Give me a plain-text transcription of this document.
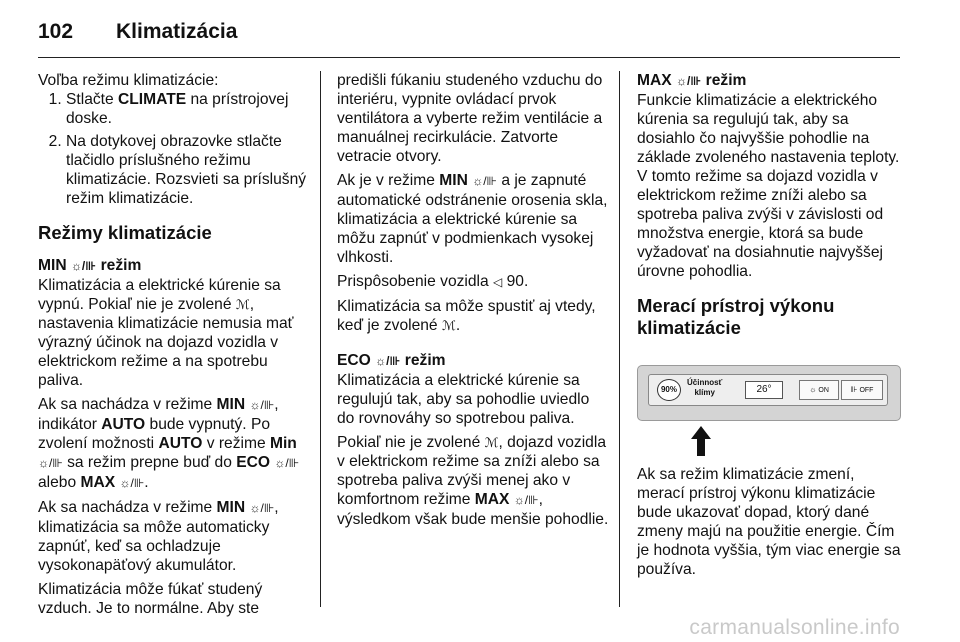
102 Klimatizácia

Voľba režimu klimatizácie:

1. Stlačte CLIMATE na prístrojovej doske.
2. Na dotykovej obrazovke stlačte tlačidlo príslušného režimu klimatizácie. Rozsvieti sa príslušný režim klimatizácie.
Režimy klimatizácie
MIN ☼/⊪ režim

Klimatizácia a elektrické kúrenie sa vypnú. Pokiaľ nie je zvolené ℳ, nastavenia klimatizácie nemusia mať výrazný účinok na dojazd vozidla v elektrickom režime a na spotrebu paliva.

Ak sa nachádza v režime MIN ☼/⊪, indikátor AUTO bude vypnutý. Po zvolení možnosti AUTO v režime Min ☼/⊪ sa režim prepne buď do ECO ☼/⊪ alebo MAX ☼/⊪.

Ak sa nachádza v režime MIN ☼/⊪, klimatizácia sa môže automaticky zapnúť, keď sa ochladzuje vysokonapäťový akumulátor.

Klimatizácia môže fúkať studený vzduch. Je to normálne. Aby ste

predišli fúkaniu studeného vzduchu do interiéru, vypnite ovládací prvok ventilátora a vyberte režim ventilácie a manuálnej recirkulácie. Zatvorte vetracie otvory.

Ak je v režime MIN ☼/⊪ a je zapnuté automatické odstránenie orosenia skla, klimatizácia a elektrické kúrenie sa môžu zapnúť v podmienkach vysokej vlhkosti.

Prispôsobenie vozidla ◁ 90.

Klimatizácia sa môže spustiť aj vtedy, keď je zvolené ℳ.

ECO ☼/⊪ režim

Klimatizácia a elektrické kúrenie sa regulujú tak, aby sa pohodlie uviedlo do rovnováhy so spotrebou paliva.

Pokiaľ nie je zvolené ℳ, dojazd vozidla v elektrickom režime sa zníži alebo sa spotreba paliva zvýši menej ako v komfortnom režime MAX ☼/⊪, výsledkom však bude menšie pohodlie.

MAX ☼/⊪ režim

Funkcie klimatizácie a elektrického kúrenia sa regulujú tak, aby sa dosiahlo čo najvyššie pohodlie na základe zvoleného nastavenia teploty. V tomto režime sa dojazd vozidla v elektrickom režime zníži alebo sa spotreba paliva zvýši v závislosti od množstva energie, ktorá sa bude vyžadovať na dosiahnutie najvyššej úrovne pohodlia.

Merací prístroj výkonu klimatizácie
90%
Účinnosť
klímy	26°	☼ ON	⊪ OFF

Ak sa režim klimatizácie zmení, merací prístroj výkonu klimatizácie bude ukazovať dopad, ktorý dané zmeny majú na použitie energie. Čím je hodnota vyššia, tým viac energie sa používa.

carmanualsonline.info
